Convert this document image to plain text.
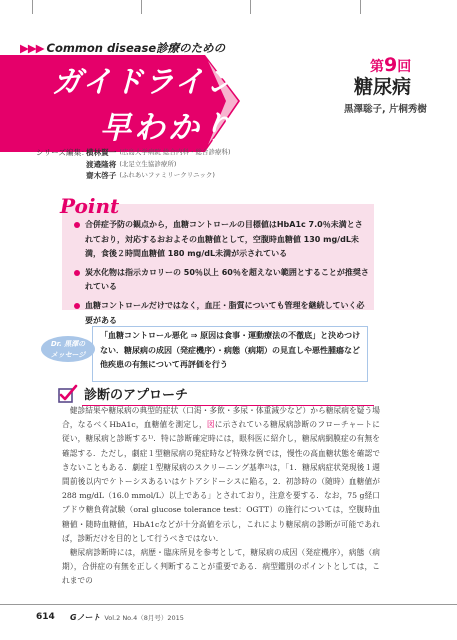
▶▶▶ Common disease診療のための
ガイドライン
早わかり
第9回
糖尿病
黒澤聡子, 片桐秀樹
シリーズ編集：
横林賢一 (広島大学病院 総合内科・総合診療科)
渡邉隆将 (北足立生協診療所)
齋木啓子 (ふれあいファミリークリニック)
Point
合併症予防の観点から，血糖コントロールの目標値はHbA1c 7.0％未満とされており，対応するおおよその血糖値として，空腹時血糖値 130 mg/dL未満，食後２時間血糖値 180 mg/dL未満が示されている
炭水化物は指示カロリーの 50％以上 60％を超えない範囲とすることが推奨されている
血糖コントロールだけではなく，血圧・脂質についても管理を継続していく必要がある
Dr. 黒澤の
メッセージ
「血糖コントロール悪化 ⇒ 原因は食事・運動療法の不徹底」と決めつけない．糖尿病の成因（発症機序）・病態（病期）の見直しや悪性腫瘍など他疾患の有無について再評価を行う
診断のアプローチ

健診結果や糖尿病の典型的症状（口渇・多飲・多尿・体重減少など）から糖尿病を疑う場合，なるべくHbA1c，血糖値を測定し，図に示されている糖尿病診断のフローチャートに従い，糖尿病と診断する¹⁾．特に診断確定時には，眼科医に紹介し，糖尿病網膜症の有無を確認する．ただし，劇症１型糖尿病の発症時など特殊な例では，慢性の高血糖状態を確認できないこともある．劇症１型糖尿病のスクリーニング基準²⁾は，「1．糖尿病症状発現後１週間前後以内でケトーシスあるいはケトアシドーシスに陥る，2．初診時の（随時）血糖値が288 mg/dL（16.0 mmol/L）以上である」とされており，注意を要する．なお，75 g経口ブドウ糖負荷試験（oral glucose tolerance test：OGTT）の施行については，空腹時血糖値・随時血糖値，HbA1cなどが十分高値を示し，これにより糖尿病の診断が可能であれば，診断だけを目的として行うべきではない．

糖尿病診断時には，病歴・臨床所見を参考として，糖尿病の成因（発症機序），病態（病期），合併症の有無を正しく判断することが重要である．病型鑑別のポイントとしては，これまでの

614 Gノート Vol.2 No.4（8月号）2015
